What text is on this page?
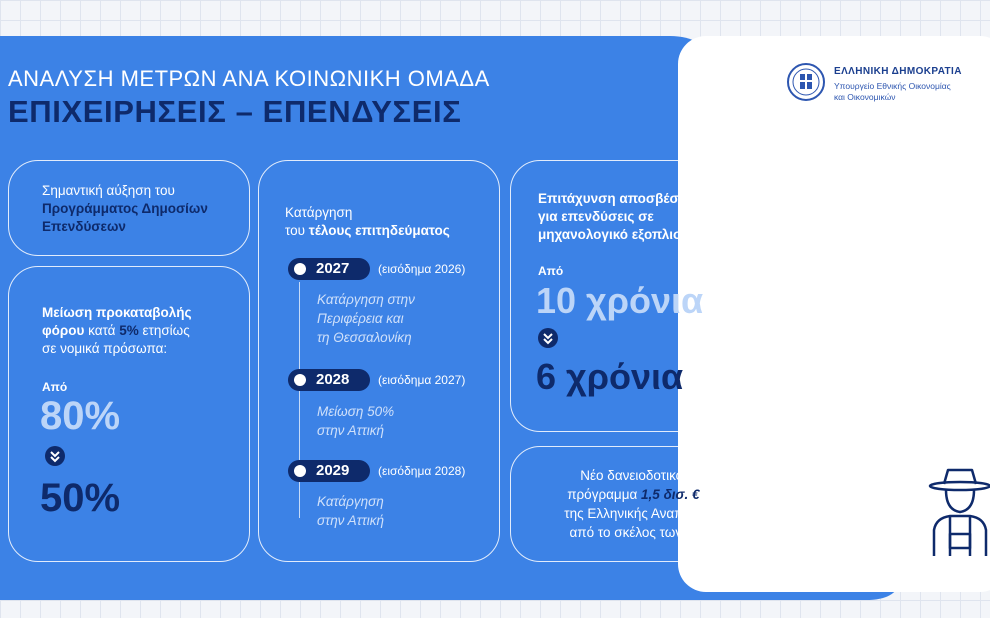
ΑΝΑΛΥΣΗ ΜΕΤΡΩΝ ΑΝΑ ΚΟΙΝΩΝΙΚΗ ΟΜΑΔΑ
ΕΠΙΧΕΙΡΗΣΕΙΣ – ΕΠΕΝΔΥΣΕΙΣ
ΕΛΛΗΝΙΚΗ ΔΗΜΟΚΡΑΤΙΑ
Υπουργείο Εθνικής Οικονομίας
και Οικονομικών
Σημαντική αύξηση του
Προγράμματος Δημοσίων
Επενδύσεων
Μείωση προκαταβολής
φόρου κατά 5% ετησίως
σε νομικά πρόσωπα:
Από
80%
50%
Κατάργηση
του τέλους επιτηδεύματος
2027 (εισόδημα 2026)
Κατάργηση στην
Περιφέρεια και
τη Θεσσαλονίκη
2028 (εισόδημα 2027)
Μείωση 50%
στην Αττική
2029 (εισόδημα 2028)
Κατάργηση
στην Αττική
Επιτάχυνση αποσβέσεων
για επενδύσεις σε
μηχανολογικό εξοπλισμό
Από
10 χρόνια
6 χρόνια
Νέο δανειοδοτικό και εγγυοδοτικό
πρόγραμμα 1,5 δισ. € για ΜμΕ, μέσω
της Ελληνικής Αναπτυξιακής Τράπεζας
από το σκέλος των δανείων του ΤΑΑ.
